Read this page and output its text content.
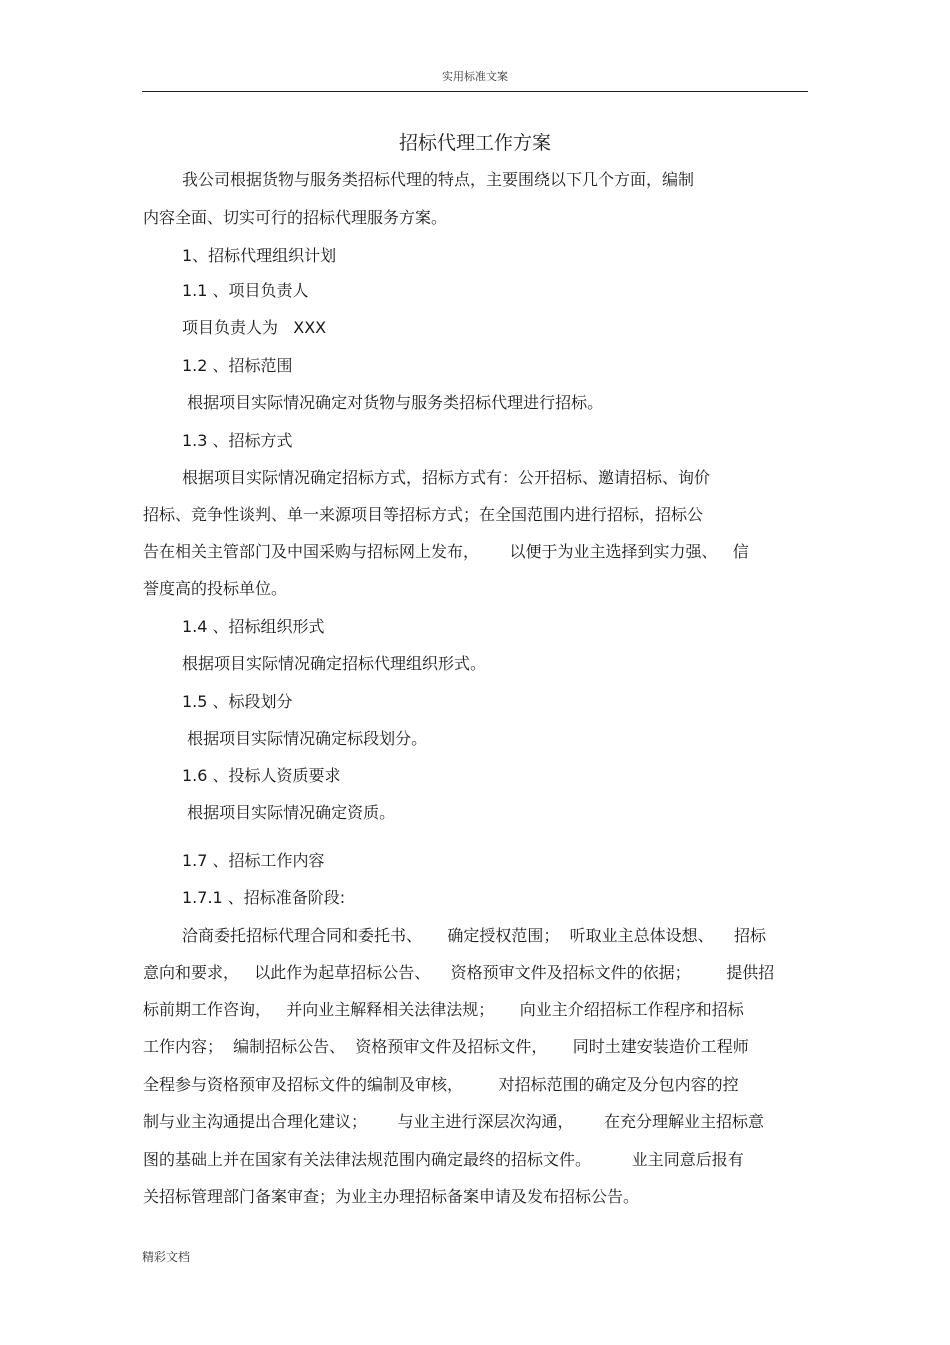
实用标准文案
招标代理工作方案
我公司根据货物与服务类招标代理的特点，主要围绕以下几个方面，编制
内容全面、切实可行的招标代理服务方案。
1、招标代理组织计划
1.1 、项目负责人
项目负责人为   XXX
1.2 、招标范围
根据项目实际情况确定对货物与服务类招标代理进行招标。
1.3 、招标方式
根据项目实际情况确定招标方式，招标方式有：公开招标、邀请招标、询价
招标、竞争性谈判、单一来源项目等招标方式；在全国范围内进行招标，招标公
告在相关主管部门及中国采购与招标网上发布，      以便于为业主选择到实力强、   信
誉度高的投标单位。
1.4 、招标组织形式
根据项目实际情况确定招标代理组织形式。
1.5 、标段划分
根据项目实际情况确定标段划分。
1.6 、投标人资质要求
根据项目实际情况确定资质。
1.7 、招标工作内容
1.7.1 、招标准备阶段:
洽商委托招标代理合同和委托书、     确定授权范围；  听取业主总体设想、    招标
意向和要求，   以此作为起草招标公告、    资格预审文件及招标文件的依据；       提供招
标前期工作咨询，   并向业主解释相关法律法规；     向业主介绍招标工作程序和招标
工作内容；  编制招标公告、  资格预审文件及招标文件，     同时土建安装造价工程师
全程参与资格预审及招标文件的编制及审核，       对招标范围的确定及分包内容的控
制与业主沟通提出合理化建议；      与业主进行深层次沟通，      在充分理解业主招标意
图的基础上并在国家有关法律法规范围内确定最终的招标文件。        业主同意后报有
关招标管理部门备案审查；为业主办理招标备案申请及发布招标公告。
精彩文档
